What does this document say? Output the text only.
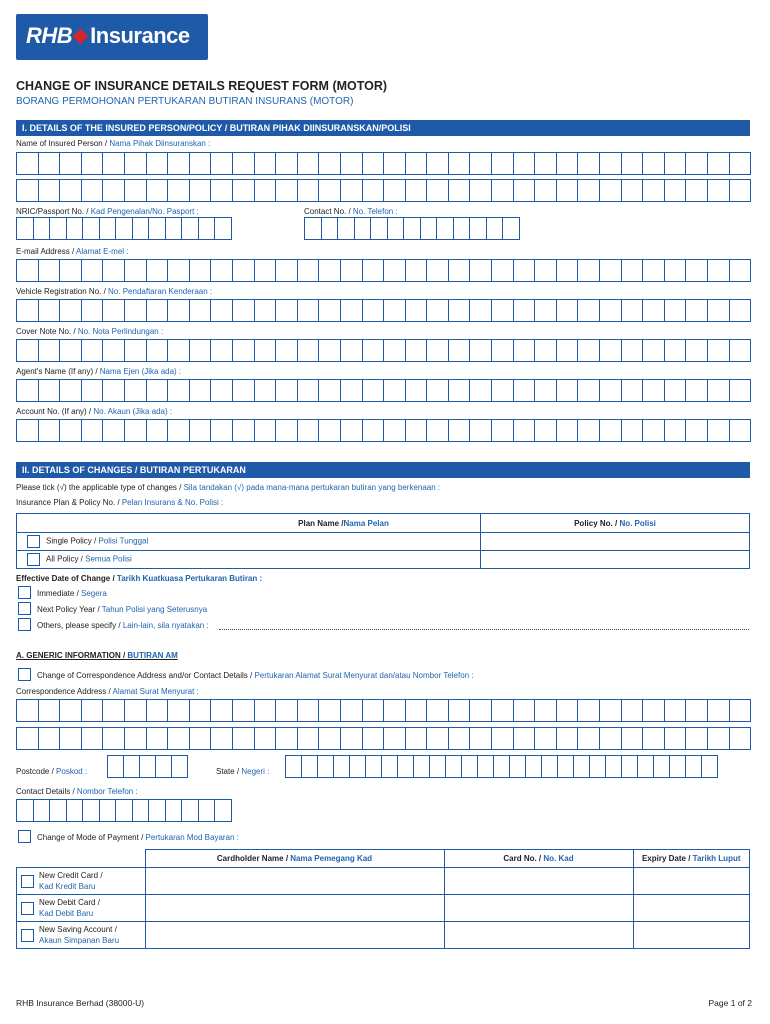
RHB Insurance
CHANGE OF INSURANCE DETAILS REQUEST FORM (MOTOR)
BORANG PERMOHONAN PERTUKARAN BUTIRAN INSURANS (MOTOR)
I. DETAILS OF THE INSURED PERSON/POLICY / BUTIRAN PIHAK DIINSURANSKAN/POLISI
Name of Insured Person / Nama Pihak Diinsuranskan :
NRIC/Passport No. / Kad Pengenalan/No. Pasport :	Contact No. / No. Telefon :
E-mail Address / Alamat E-mel :
Vehicle Registration No. / No. Pendaftaran Kenderaan :
Cover Note No. / No. Nota Perlindungan :
Agent's Name (If any) / Nama Ejen (Jika ada) :
Account No. (If any) / No. Akaun (Jika ada) :
II. DETAILS OF CHANGES / BUTIRAN PERTUKARAN
Please tick (√) the applicable type of changes / Sila tandakan (√) pada mana-mana pertukaran butiran yang berkenaan :
Insurance Plan & Policy No. / Pelan Insurans & No. Polisi :
Plan Name /Nama Pelan	Policy No. / No. Polisi
Single Policy / Polisi Tunggal	
All Policy / Semua Polisi	
Effective Date of Change / Tarikh Kuatkuasa Pertukaran Butiran :
Immediate / Segera
Next Policy Year / Tahun Polisi yang Seterusnya
Others, please specify / Lain-lain, sila nyatakan :
A. GENERIC INFORMATION / BUTIRAN AM
Change of Correspondence Address and/or Contact Details / Pertukaran Alamat Surat Menyurat dan/atau Nombor Telefon :
Correspondence Address / Alamat Surat Menyurat :
Postcode / Poskod :	State / Negeri :
Contact Details / Nombor Telefon :
Change of Mode of Payment / Pertukaran Mod Bayaran :
	Cardholder Name / Nama Pemegang Kad	Card No. / No. Kad	Expiry Date / Tarikh Luput

New Credit Card /
Kad Kredit Baru			

New Debit Card /
Kad Debit Baru			

New Saving Account /
Akaun Simpanan Baru			

RHB Insurance Berhad (38000-U)	Page 1 of 2
